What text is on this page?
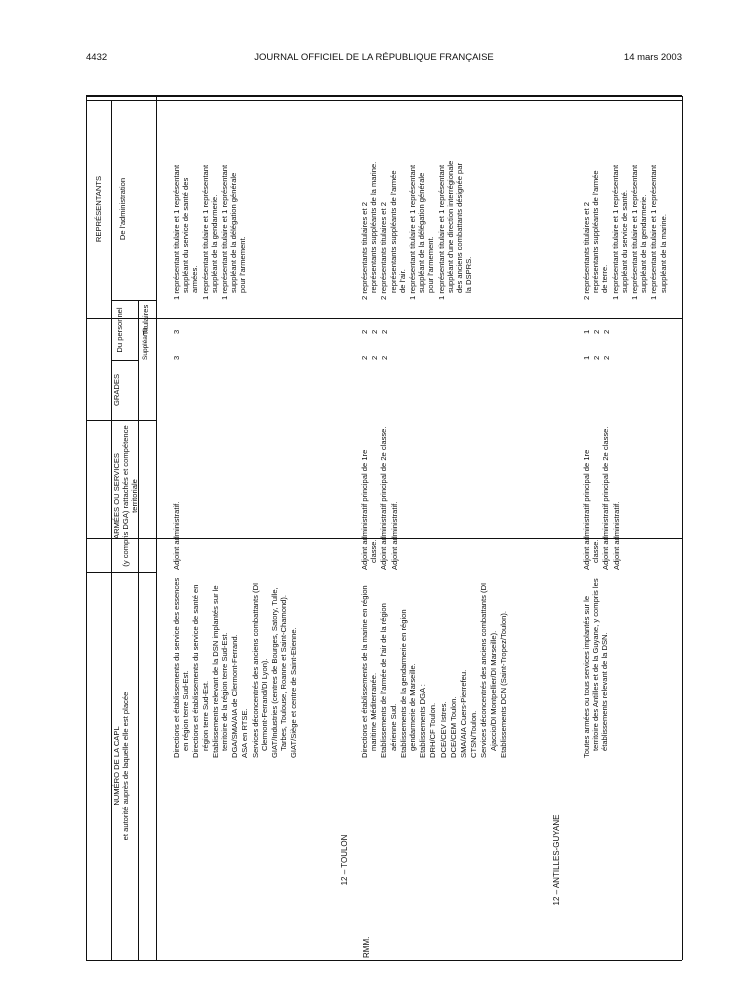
4432	JOURNAL OFFICIEL DE LA RÉPUBLIQUE FRANÇAISE	14 mars 2003
REPRÉSENTANTS De l'administration
Du personnel Titulaires
Suppléants
GRADES
ARMÉES OU SERVICES (y compris DGA) rattachés et compétence territoriale
NUMÉRO DE LA CAPL et autorité auprès de laquelle elle est placée

1 représentant titulaire et 1 représentant suppléant du service de santé des armées. 1 représentant titulaire et 1 représentant suppléant de la gendarmerie. 1 représentant titulaire et 1 représentant suppléant de la délégation générale pour l'armement.

3

3

Adjoint administratif.

Directions et établissements du service des essences en région terre Sud-Est. Directions et établissements du service de santé en région terre Sud-Est. Etablissements relevant de la DSN implantés sur le territoire de la région terre Sud-Est. DGA/SMA/AIA de Clermont-Ferrand. ASA en RTSE. Services déconcentrés des anciens combattants (DI Clermont-Ferrand/DI Lyon). GIAT/Industries (centres de Bourges, Satory, Tulle, Tarbes, Toulouse, Roanne et Saint-Chamond). GIAT/Siège et centre de Saint-Etienne.

2 représentants titulaires et 2 représentants suppléants de la marine. 2 représentants titulaires et 2 représentants suppléants de l'armée de l'air. 1 représentant titulaire et 1 représentant suppléant de la délégation générale pour l'armement. 1 représentant titulaire et 1 représentant suppléant d'une direction interrégionale des anciens combattants désignée par la DSPRS.

2 2 2

2 2 2

Adjoint administratif principal de 1re classe. Adjoint administratif principal de 2e classe. Adjoint administratif.

Directions et établissements de la marine en région maritime Méditerranée. Etablissements de l'armée de l'air de la région aérienne Sud. Etablissements de la gendarmerie en région gendarmerie de Marseille. Etablissements DGA : DRH/CF Toulon. DCE/CEV Istres. DCE/CEM Toulon. SMA/AIA Cuers-Pierrefeu. CTSN/Toulon. Services déconcentrés des anciens combattants (DI Ajaccio/DI Montpellier/DI Marseille). Etablissements DCN (Saint-Tropez/Toulon).

12 – TOULON

RMM.

2 représentants titulaires et 2 représentants suppléants de l'armée de terre. 1 représentant titulaire et 1 représentant suppléant du service de santé. 1 représentant titulaire et 1 représentant suppléant de la gendarmerie. 1 représentant titulaire et 1 représentant suppléant de la marine.

1 2 2

1 2 2

Adjoint administratif principal de 1re classe. Adjoint administratif principal de 2e classe. Adjoint administratif.

Toutes armées ou tous services implantés sur le territoire des Antilles et de la Guyane, y compris les établissements relevant de la DSN.

12 – ANTILLES-GUYANE
